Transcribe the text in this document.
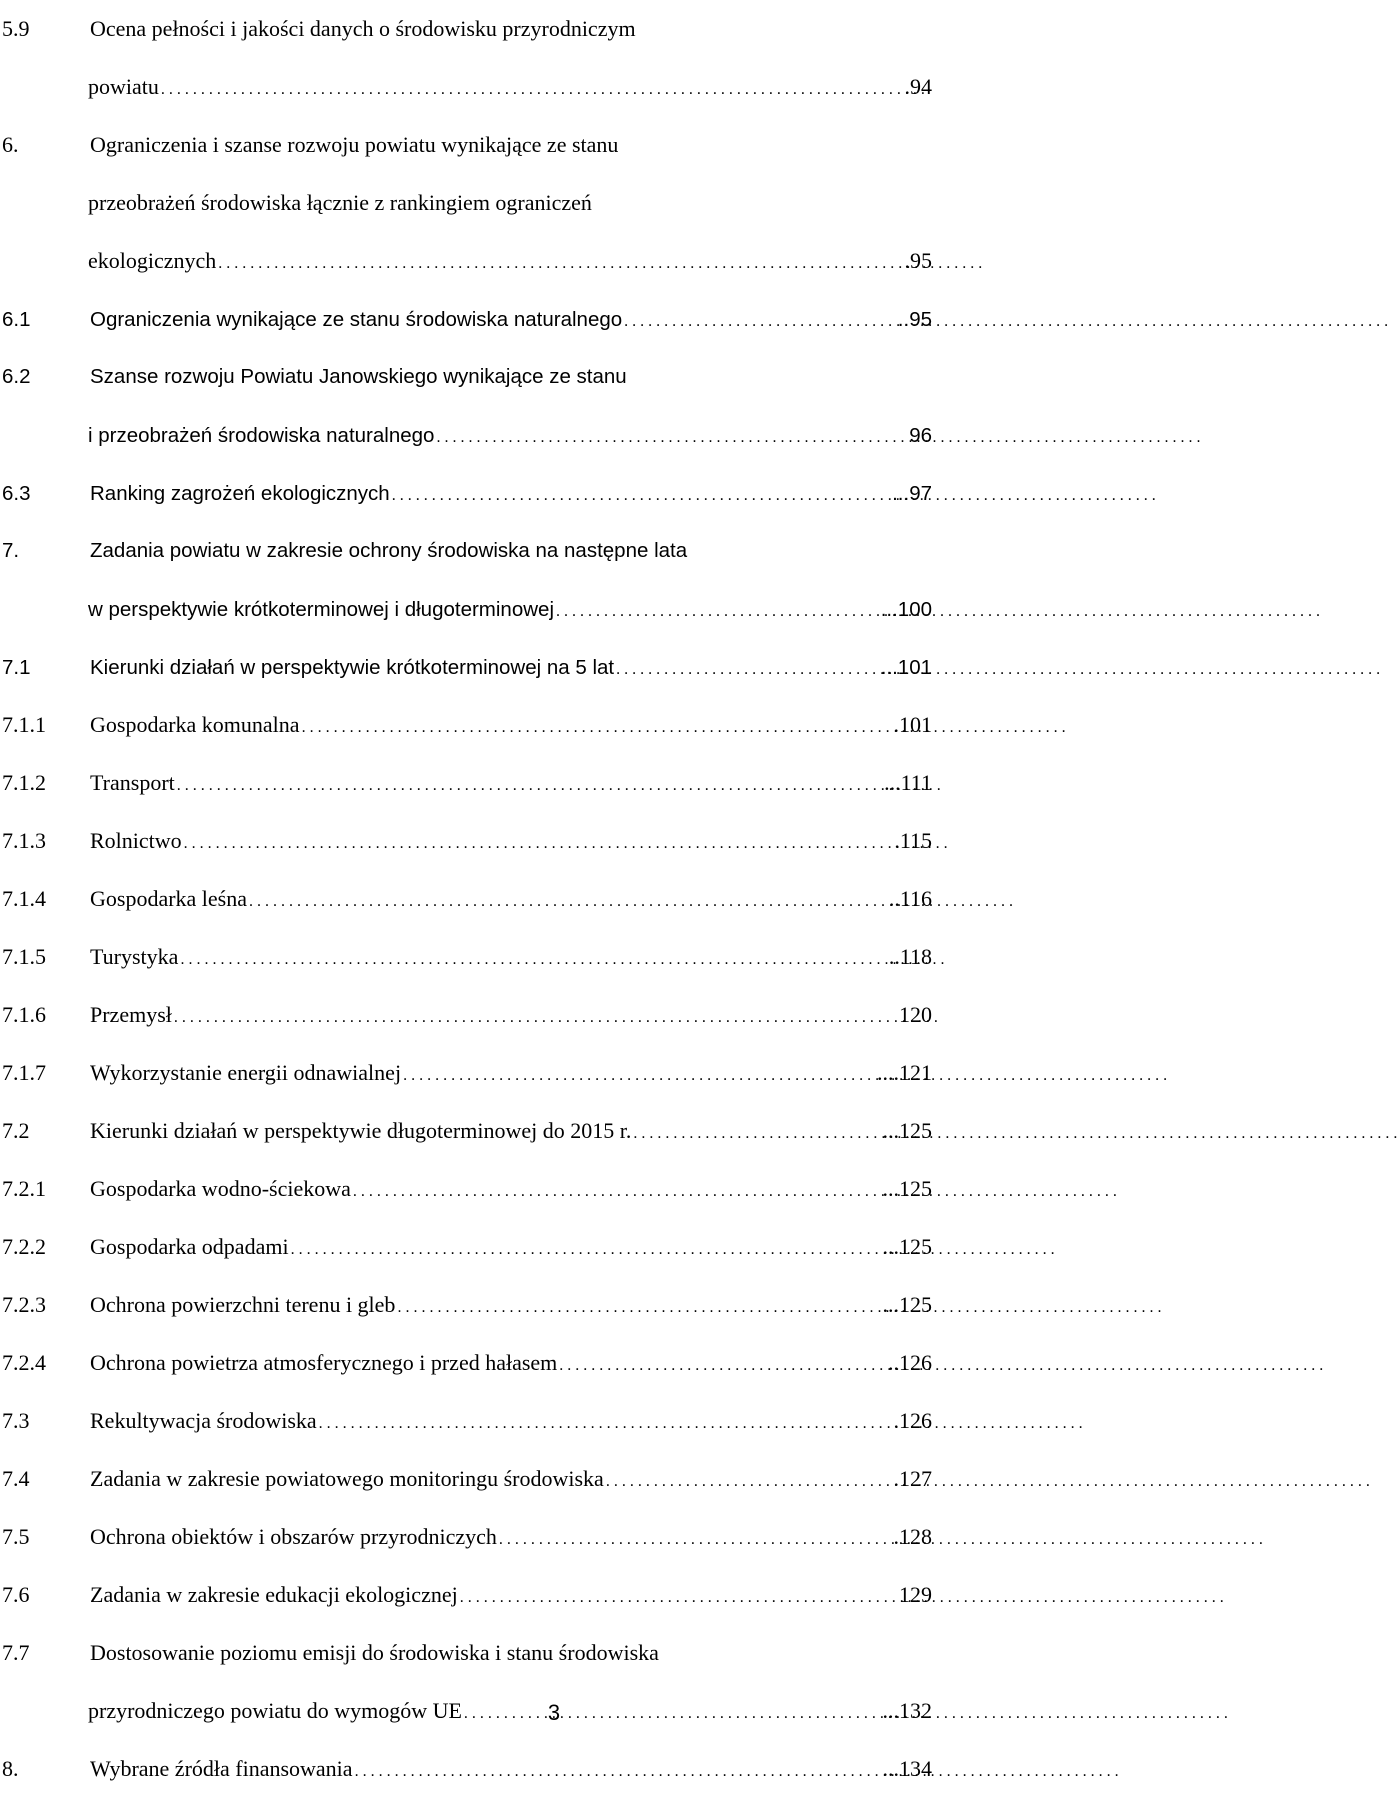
5.9	Ocena pełności i jakości danych o środowisku przyrodniczym
powiatu . . .	.94
6.	Ograniczenia i szanse rozwoju powiatu wynikające ze stanu
przeobrażeń środowiska łącznie z rankingiem ograniczeń
ekologicznych . . .	.95
6.1	Ograniczenia wynikające ze stanu środowiska naturalnego . . .	..95
6.2	Szanse rozwoju Powiatu Janowskiego wynikające ze stanu
i przeobrażeń środowiska naturalnego . . .	96
6.3	Ranking zagrożeń ekologicznych . . .	...97
7.	Zadania powiatu w zakresie ochrony środowiska na następne lata
w perspektywie krótkoterminowej i długoterminowej . . .	...100
7.1	Kierunki działań w perspektywie krótkoterminowej na 5 lat . . .	...101
7.1.1	Gospodarka komunalna . . .	.101
7.1.2	Transport . . .	...111
7.1.3	Rolnictwo . . .	.115
7.1.4	Gospodarka leśna . . .	..116
7.1.5	Turystyka . . .	..118
7.1.6	Przemysł . . .	120
7.1.7	Wykorzystanie energii odnawialnej . . .	....121
7.2	Kierunki działań w perspektywie długoterminowej do 2015 r. . . .	...125
7.2.1	Gospodarka wodno-ściekowa . . .	...125
7.2.2	Gospodarka odpadami . . .	...125
7.2.3	Ochrona powierzchni terenu i gleb . . .	...125
7.2.4	Ochrona powietrza atmosferycznego i przed hałasem . . .	..126
7.3	Rekultywacja środowiska . . .	.126
7.4	Zadania w zakresie powiatowego monitoringu środowiska . . .	.127
7.5	Ochrona obiektów i obszarów przyrodniczych . . .	.128
7.6	Zadania w zakresie edukacji ekologicznej . . .	129
7.7	Dostosowanie poziomu emisji do środowiska i stanu środowiska
przyrodniczego powiatu do wymogów UE . . .	...132
8.	Wybrane źródła finansowania . . .	...134
3
